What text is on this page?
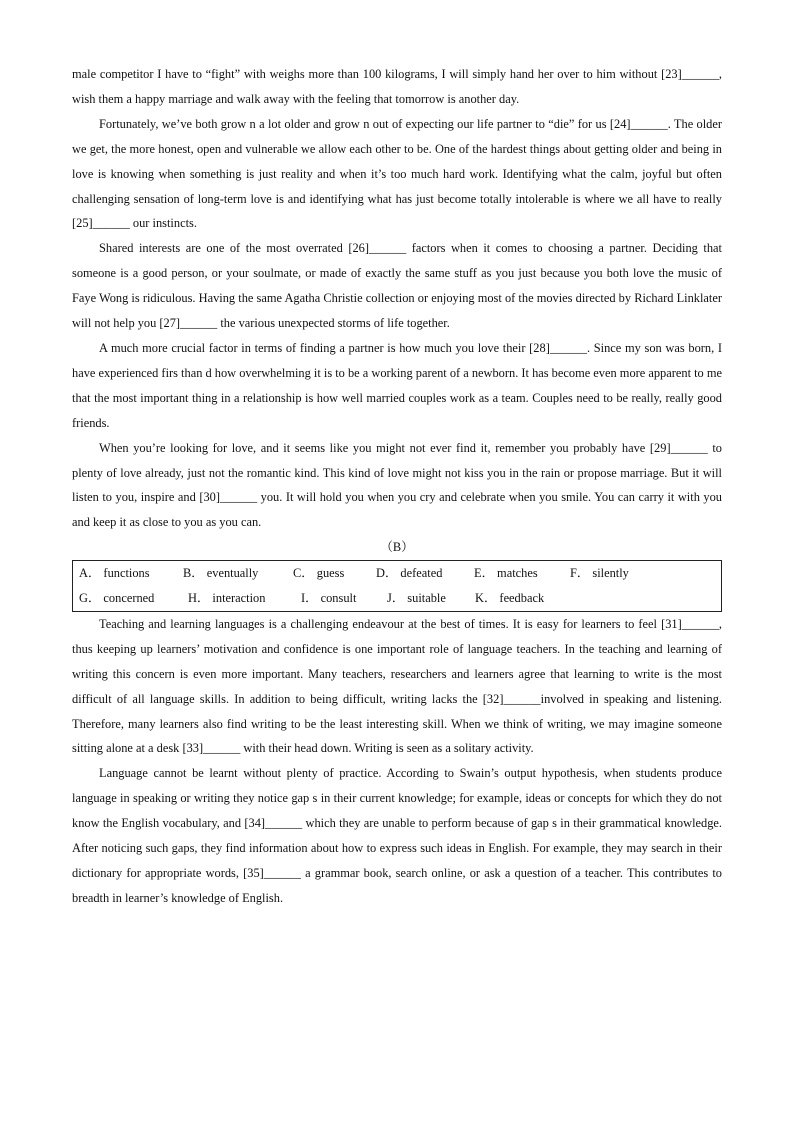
male competitor I have to “fight” with weighs more than 100 kilograms, I will simply hand her over to him without [23]______, wish them a happy marriage and walk away with the feeling that tomorrow is another day.

Fortunately, we’ve both grow n a lot older and grow n out of expecting our life partner to “die” for us [24]______. The older we get, the more honest, open and vulnerable we allow each other to be. One of the hardest things about getting older and being in love is knowing when something is just reality and when it’s too much hard work. Identifying what the calm, joyful but often challenging sensation of long-term love is and identifying what has just become totally intolerable is where we all have to really [25]______ our instincts.

Shared interests are one of the most overrated [26]______ factors when it comes to choosing a partner. Deciding that someone is a good person, or your soulmate, or made of exactly the same stuff as you just because you both love the music of Faye Wong is ridiculous. Having the same Agatha Christie collection or enjoying most of the movies directed by Richard Linklater will not help you [27]______ the various unexpected storms of life together.

A much more crucial factor in terms of finding a partner is how much you love their [28]______. Since my son was born, I have experienced firs than d how overwhelming it is to be a working parent of a newborn. It has become even more apparent to me that the most important thing in a relationship is how well married couples work as a team. Couples need to be really, really good friends.

When you’re looking for love, and it seems like you might not ever find it, remember you probably have [29]______ to plenty of love already, just not the romantic kind. This kind of love might not kiss you in the rain or propose marriage. But it will listen to you, inspire and [30]______ you. It will hold you when you cry and celebrate when you smile. You can carry it with you and keep it as close to you as you can.

（B）

A． functions	B． eventually	C． guess	D． defeated	E． matches	F． silently
G． concerned	H． interaction	I． consult	J． suitable	K． feedback

Teaching and learning languages is a challenging endeavour at the best of times. It is easy for learners to feel [31]______, thus keeping up learners’ motivation and confidence is one important role of language teachers. In the teaching and learning of writing this concern is even more important. Many teachers, researchers and learners agree that learning to write is the most difficult of all language skills. In addition to being difficult, writing lacks the [32]______involved in speaking and listening. Therefore, many learners also find writing to be the least interesting skill. When we think of writing, we may imagine someone sitting alone at a desk [33]______ with their head down. Writing is seen as a solitary activity.

Language cannot be learnt without plenty of practice. According to Swain’s output hypothesis, when students produce language in speaking or writing they notice gap s in their current knowledge; for example, ideas or concepts for which they do not know the English vocabulary, and [34]______ which they are unable to perform because of gap s in their grammatical knowledge. After noticing such gaps, they find information about how to express such ideas in English. For example, they may search in their dictionary for appropriate words, [35]______ a grammar book, search online, or ask a question of a teacher. This contributes to breadth in learner’s knowledge of English.
